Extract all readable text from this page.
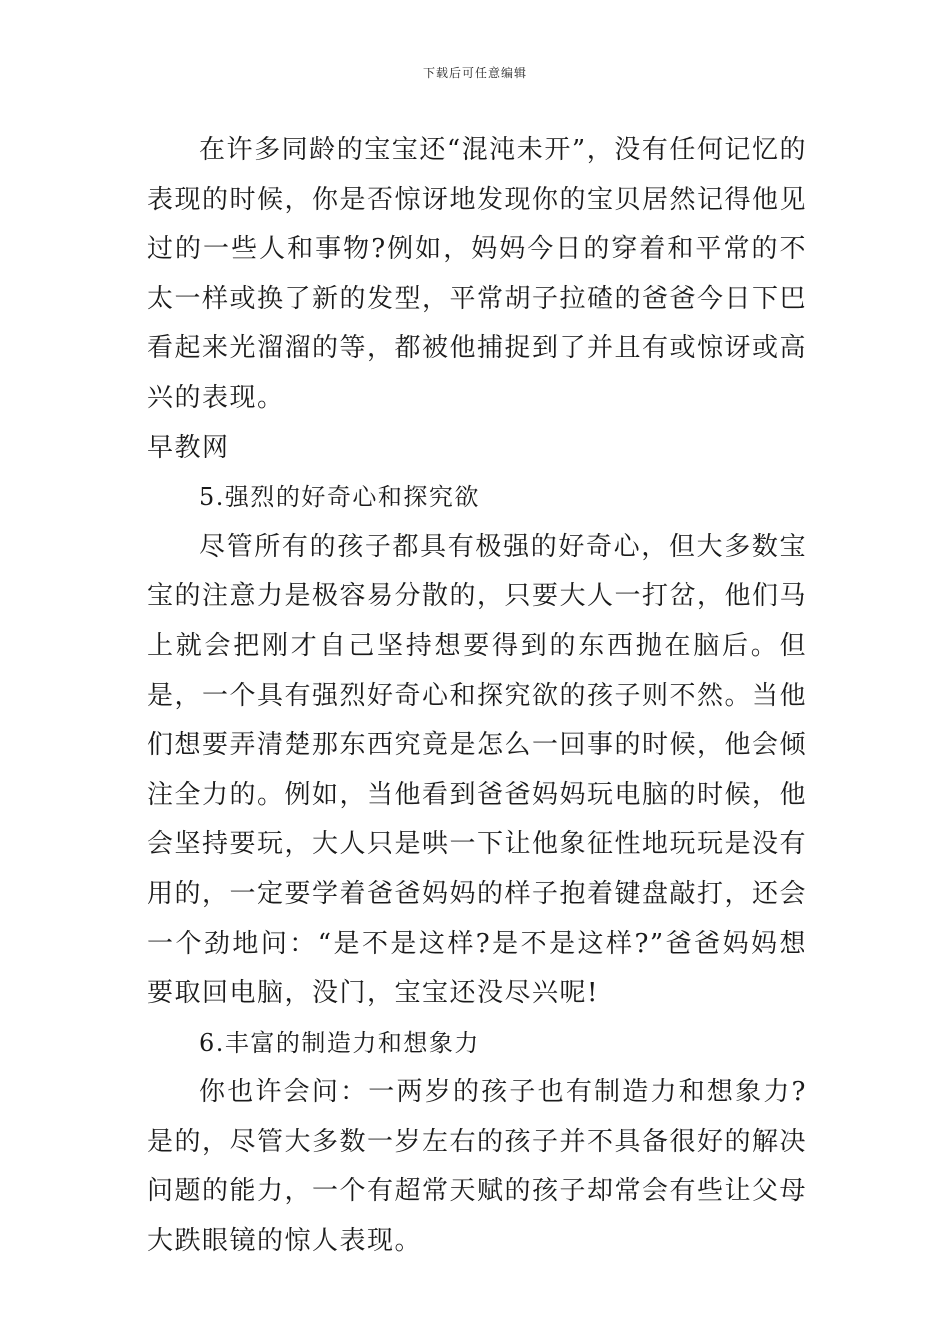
下载后可任意编辑

在许多同龄的宝宝还“混沌未开”，没有任何记忆的表现的时候，你是否惊讶地发现你的宝贝居然记得他见过的一些人和事物?例如，妈妈今日的穿着和平常的不太一样或换了新的发型，平常胡子拉碴的爸爸今日下巴看起来光溜溜的等，都被他捕捉到了并且有或惊讶或高兴的表现。

早教网

5.强烈的好奇心和探究欲

尽管所有的孩子都具有极强的好奇心，但大多数宝宝的注意力是极容易分散的，只要大人一打岔，他们马上就会把刚才自己坚持想要得到的东西抛在脑后。但是，一个具有强烈好奇心和探究欲的孩子则不然。当他们想要弄清楚那东西究竟是怎么一回事的时候，他会倾注全力的。例如，当他看到爸爸妈妈玩电脑的时候，他会坚持要玩，大人只是哄一下让他象征性地玩玩是没有用的，一定要学着爸爸妈妈的样子抱着键盘敲打，还会一个劲地问：“是不是这样?是不是这样?”爸爸妈妈想要取回电脑，没门，宝宝还没尽兴呢!

6.丰富的制造力和想象力

你也许会问：一两岁的孩子也有制造力和想象力?是的，尽管大多数一岁左右的孩子并不具备很好的解决问题的能力，一个有超常天赋的孩子却常会有些让父母大跌眼镜的惊人表现。
